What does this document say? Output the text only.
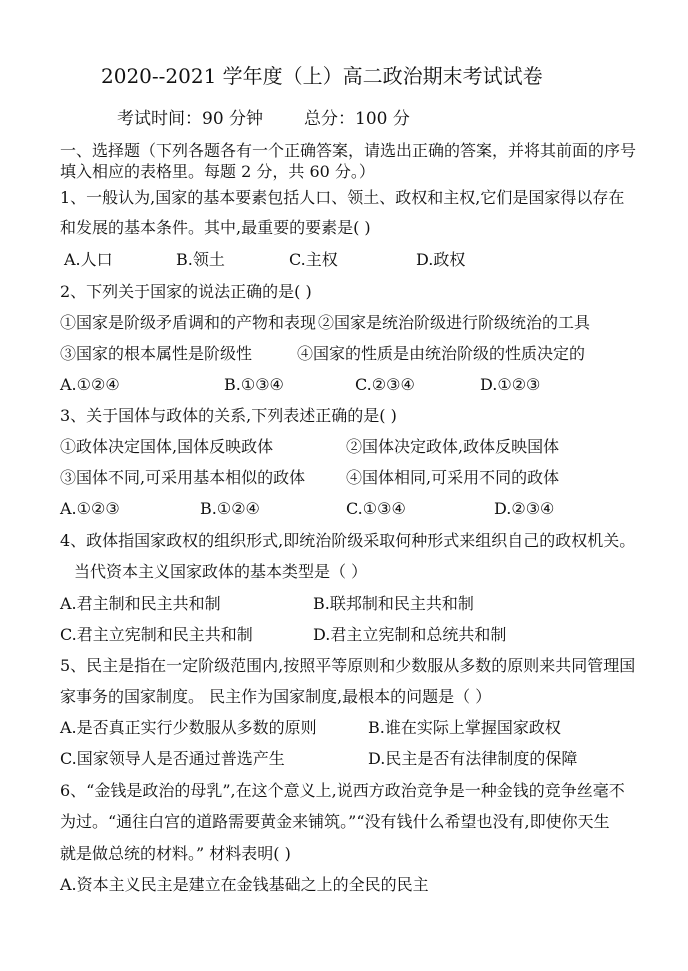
2020--2021 学年度（上）高二政治期末考试试卷
考试时间：90 分钟 总分：100 分
一、选择题（下列各题各有一个正确答案，请选出正确的答案，并将其前面的序号
填入相应的表格里。每题 2 分，共 60 分。）
1、一般认为,国家的基本要素包括人口、领土、政权和主权,它们是国家得以存在
和发展的基本条件。其中,最重要的要素是( )
A.人口	B.领土	C.主权	D.政权
2、下列关于国家的说法正确的是( )
①国家是阶级矛盾调和的产物和表现 ②国家是统治阶级进行阶级统治的工具
③国家的根本属性是阶级性	④国家的性质是由统治阶级的性质决定的
A.①②④	B.①③④	C.②③④	D.①②③
3、关于国体与政体的关系,下列表述正确的是( )
①政体决定国体,国体反映政体	②国体决定政体,政体反映国体
③国体不同,可采用基本相似的政体	④国体相同,可采用不同的政体
A.①②③	B.①②④	C.①③④	D.②③④
4、政体指国家政权的组织形式,即统治阶级采取何种形式来组织自己的政权机关。
当代资本主义国家政体的基本类型是（ ）
A.君主制和民主共和制	B.联邦制和民主共和制
C.君主立宪制和民主共和制	D.君主立宪制和总统共和制
5、民主是指在一定阶级范围内,按照平等原则和少数服从多数的原则来共同管理国
家事务的国家制度。 民主作为国家制度,最根本的问题是（ ）
A.是否真正实行少数服从多数的原则	B.谁在实际上掌握国家政权
C.国家领导人是否通过普选产生	D.民主是否有法律制度的保障
6、“金钱是政治的母乳”,在这个意义上,说西方政治竞争是一种金钱的竞争丝毫不
为过。“通往白宫的道路需要黄金来铺筑。”“没有钱什么希望也没有,即使你天生
就是做总统的材料。” 材料表明( )
A.资本主义民主是建立在金钱基础之上的全民的民主
